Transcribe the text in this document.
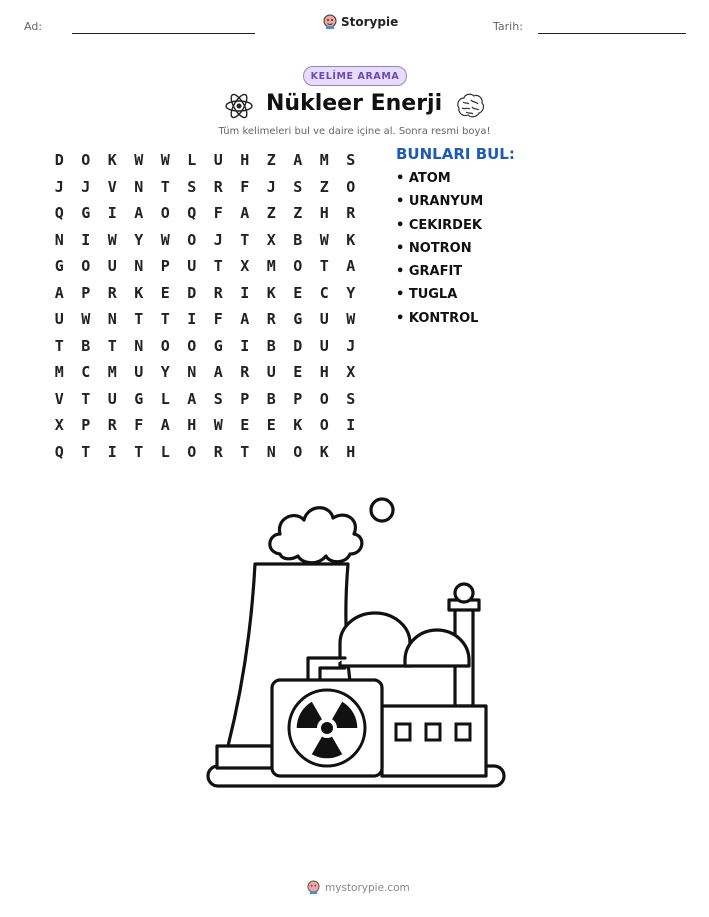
Ad:	Storypie	Tarih:
KELİME ARAMA
Nükleer Enerji
Tüm kelimeleri bul ve daire içine al. Sonra resmi boya!
D	O	K	W	W	L	U	H	Z	A	M	S
J	J	V	N	T	S	R	F	J	S	Z	O
Q	G	I	A	O	Q	F	A	Z	Z	H	R
N	I	W	Y	W	O	J	T	X	B	W	K
G	O	U	N	P	U	T	X	M	O	T	A
A	P	R	K	E	D	R	I	K	E	C	Y
U	W	N	T	T	I	F	A	R	G	U	W
T	B	T	N	O	O	G	I	B	D	U	J
M	C	M	U	Y	N	A	R	U	E	H	X
V	T	U	G	L	A	S	P	B	P	O	S
X	P	R	F	A	H	W	E	E	K	O	I
Q	T	I	T	L	O	R	T	N	O	K	H
BUNLARI BUL:
• ATOM
• URANYUM
• CEKIRDEK
• NOTRON
• GRAFIT
• TUGLA
• KONTROL
mystorypie.com
